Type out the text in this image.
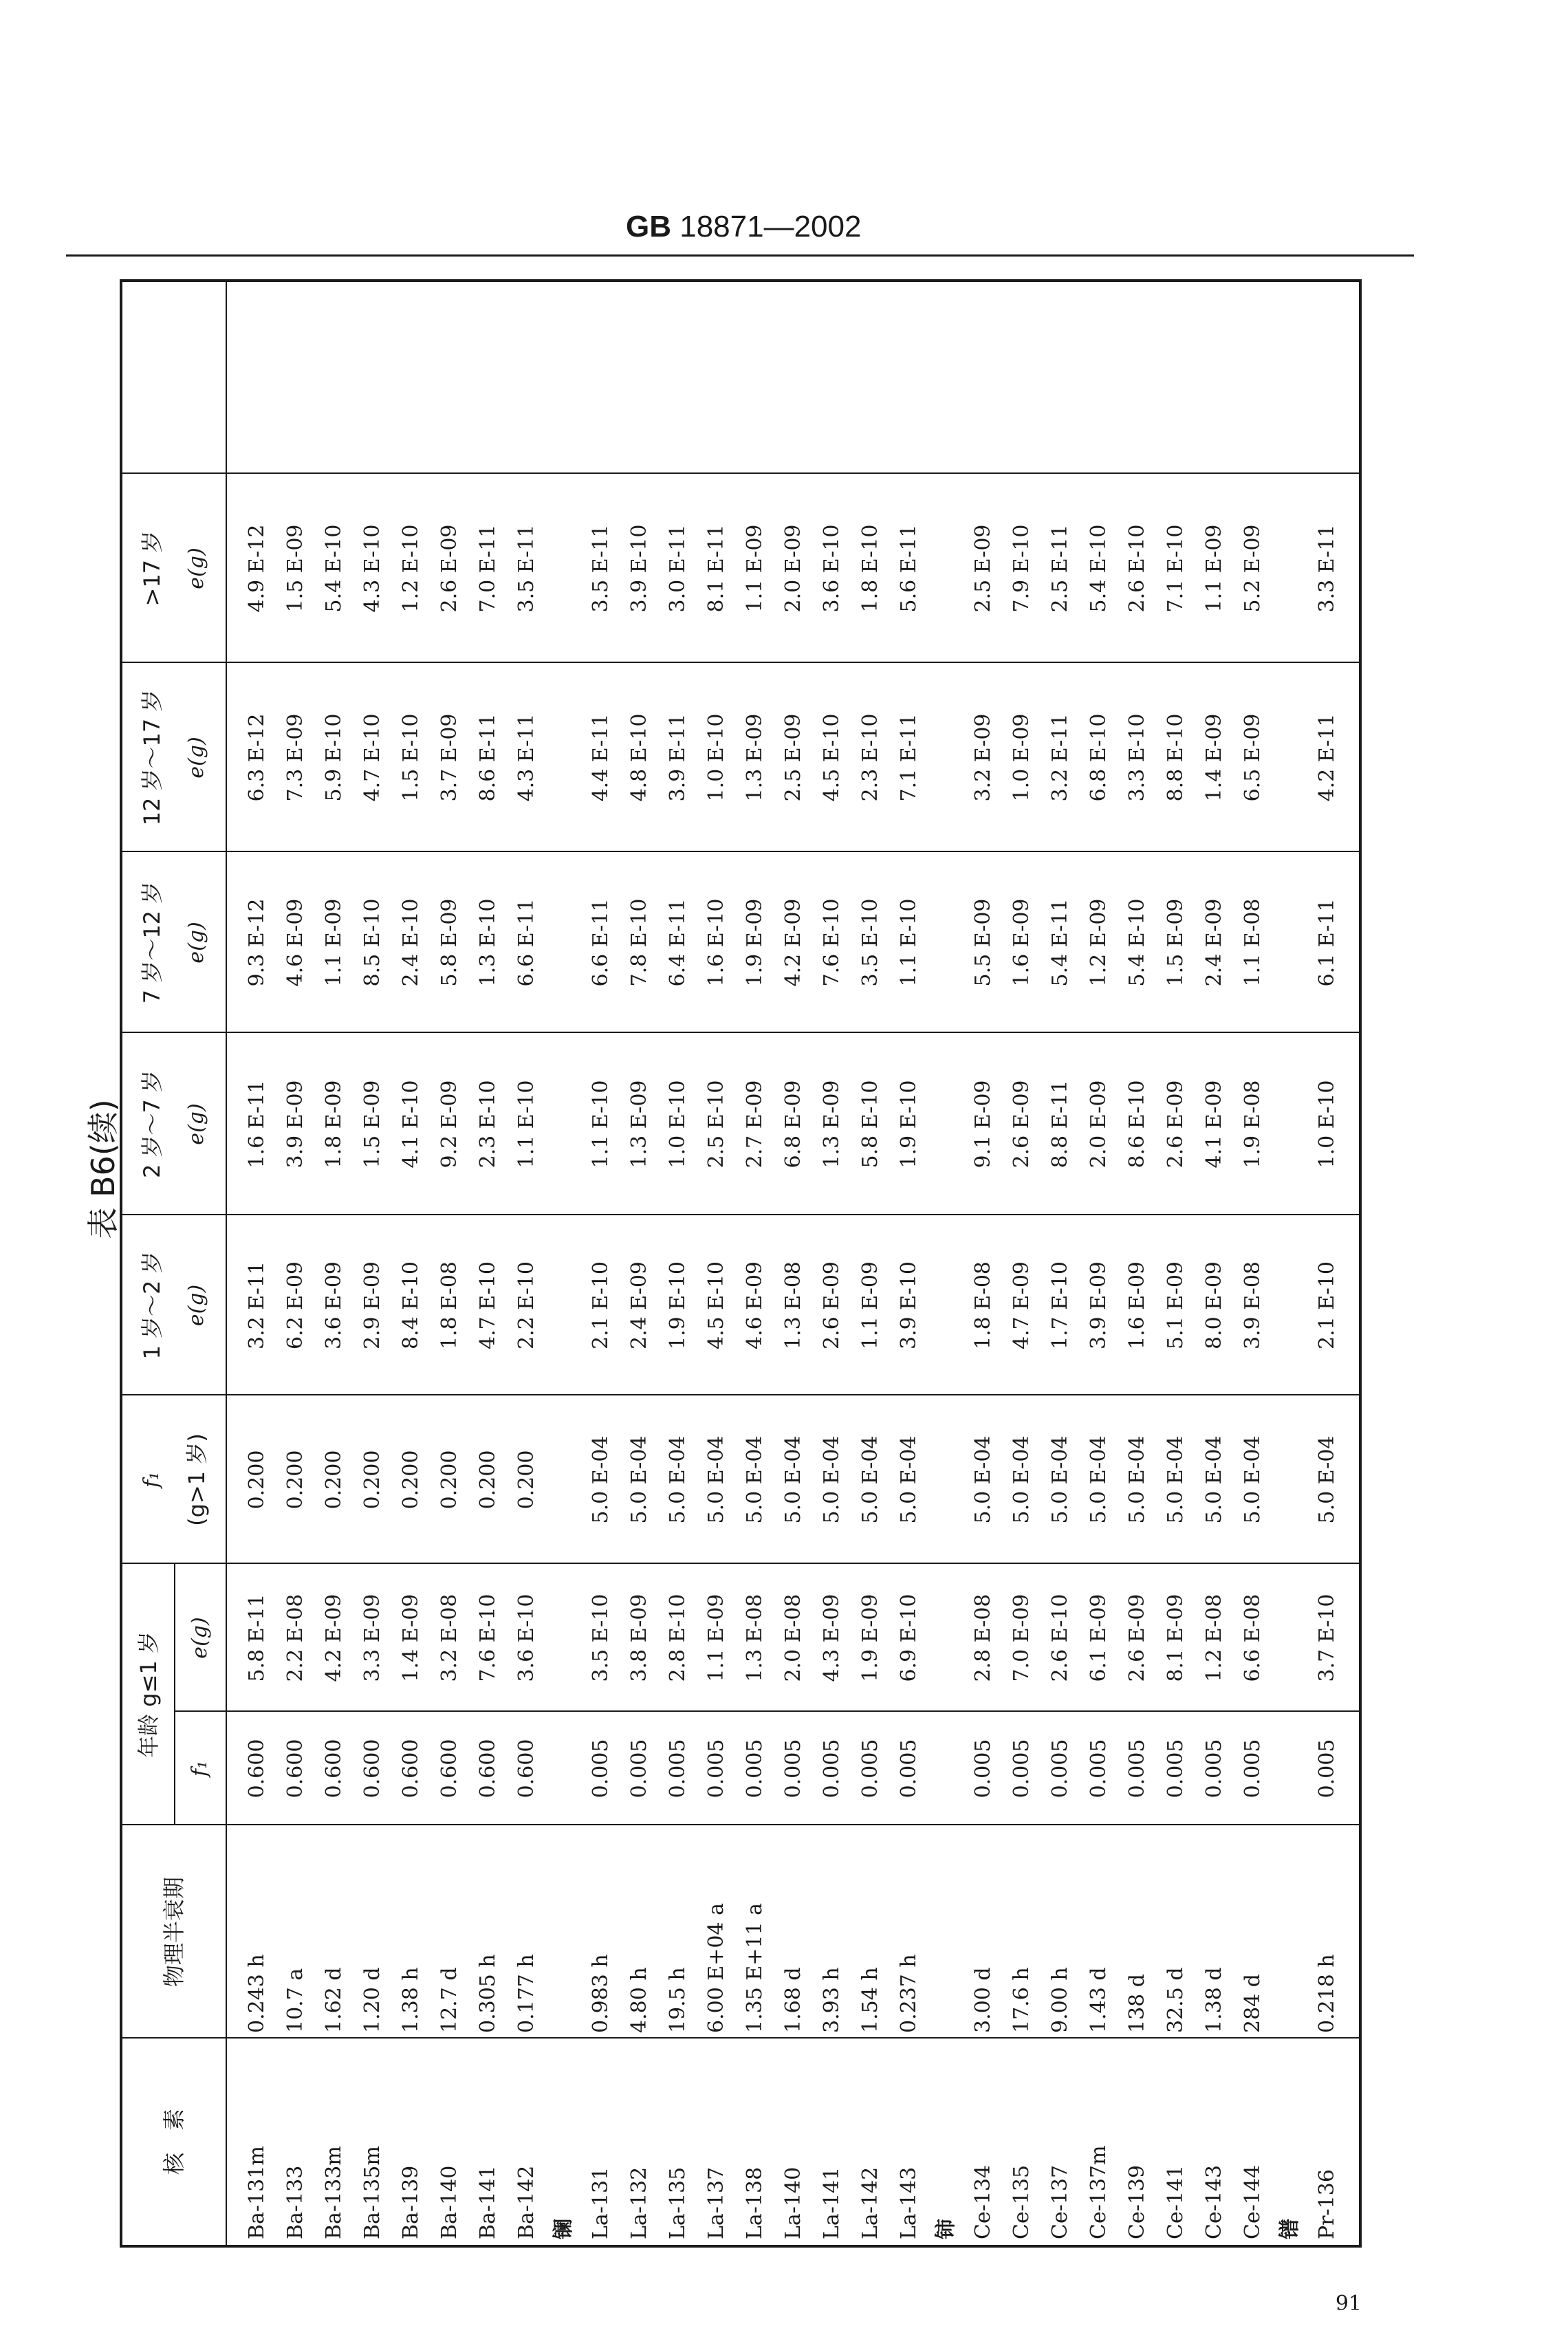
GB 18871—2002
表 B6(续)
核　素
物理半衰期
年龄 g≤1 岁
f₁
e(g)
f₁ (g>1 岁)
1 岁～2 岁 e(g)
2 岁～7 岁 e(g)
7 岁～12 岁 e(g)
12 岁～17 岁 e(g)
>17 岁 e(g)
Ba-131m
0.243 h
0.600
5.8 E-11
0.200
3.2 E-11
1.6 E-11
9.3 E-12
6.3 E-12
4.9 E-12
Ba-133
10.7 a
0.600
2.2 E-08
0.200
6.2 E-09
3.9 E-09
4.6 E-09
7.3 E-09
1.5 E-09
Ba-133m
1.62 d
0.600
4.2 E-09
0.200
3.6 E-09
1.8 E-09
1.1 E-09
5.9 E-10
5.4 E-10
Ba-135m
1.20 d
0.600
3.3 E-09
0.200
2.9 E-09
1.5 E-09
8.5 E-10
4.7 E-10
4.3 E-10
Ba-139
1.38 h
0.600
1.4 E-09
0.200
8.4 E-10
4.1 E-10
2.4 E-10
1.5 E-10
1.2 E-10
Ba-140
12.7 d
0.600
3.2 E-08
0.200
1.8 E-08
9.2 E-09
5.8 E-09
3.7 E-09
2.6 E-09
Ba-141
0.305 h
0.600
7.6 E-10
0.200
4.7 E-10
2.3 E-10
1.3 E-10
8.6 E-11
7.0 E-11
Ba-142
0.177 h
0.600
3.6 E-10
0.200
2.2 E-10
1.1 E-10
6.6 E-11
4.3 E-11
3.5 E-11
镧 La-131
0.983 h
0.005
3.5 E-10
5.0 E-04
2.1 E-10
1.1 E-10
6.6 E-11
4.4 E-11
3.5 E-11
La-132
4.80 h
0.005
3.8 E-09
5.0 E-04
2.4 E-09
1.3 E-09
7.8 E-10
4.8 E-10
3.9 E-10
La-135
19.5 h
0.005
2.8 E-10
5.0 E-04
1.9 E-10
1.0 E-10
6.4 E-11
3.9 E-11
3.0 E-11
La-137
6.00 E+04 a
0.005
1.1 E-09
5.0 E-04
4.5 E-10
2.5 E-10
1.6 E-10
1.0 E-10
8.1 E-11
La-138
1.35 E+11 a
0.005
1.3 E-08
5.0 E-04
4.6 E-09
2.7 E-09
1.9 E-09
1.3 E-09
1.1 E-09
La-140
1.68 d
0.005
2.0 E-08
5.0 E-04
1.3 E-08
6.8 E-09
4.2 E-09
2.5 E-09
2.0 E-09
La-141
3.93 h
0.005
4.3 E-09
5.0 E-04
2.6 E-09
1.3 E-09
7.6 E-10
4.5 E-10
3.6 E-10
La-142
1.54 h
0.005
1.9 E-09
5.0 E-04
1.1 E-09
5.8 E-10
3.5 E-10
2.3 E-10
1.8 E-10
La-143
0.237 h
0.005
6.9 E-10
5.0 E-04
3.9 E-10
1.9 E-10
1.1 E-10
7.1 E-11
5.6 E-11
铈 Ce-134
3.00 d
0.005
2.8 E-08
5.0 E-04
1.8 E-08
9.1 E-09
5.5 E-09
3.2 E-09
2.5 E-09
Ce-135
17.6 h
0.005
7.0 E-09
5.0 E-04
4.7 E-09
2.6 E-09
1.6 E-09
1.0 E-09
7.9 E-10
Ce-137
9.00 h
0.005
2.6 E-10
5.0 E-04
1.7 E-10
8.8 E-11
5.4 E-11
3.2 E-11
2.5 E-11
Ce-137m
1.43 d
0.005
6.1 E-09
5.0 E-04
3.9 E-09
2.0 E-09
1.2 E-09
6.8 E-10
5.4 E-10
Ce-139
138 d
0.005
2.6 E-09
5.0 E-04
1.6 E-09
8.6 E-10
5.4 E-10
3.3 E-10
2.6 E-10
Ce-141
32.5 d
0.005
8.1 E-09
5.0 E-04
5.1 E-09
2.6 E-09
1.5 E-09
8.8 E-10
7.1 E-10
Ce-143
1.38 d
0.005
1.2 E-08
5.0 E-04
8.0 E-09
4.1 E-09
2.4 E-09
1.4 E-09
1.1 E-09
Ce-144
284 d
0.005
6.6 E-08
5.0 E-04
3.9 E-08
1.9 E-08
1.1 E-08
6.5 E-09
5.2 E-09
镨 Pr-136
0.218 h
0.005
3.7 E-10
5.0 E-04
2.1 E-10
1.0 E-10
6.1 E-11
4.2 E-11
3.3 E-11
91
